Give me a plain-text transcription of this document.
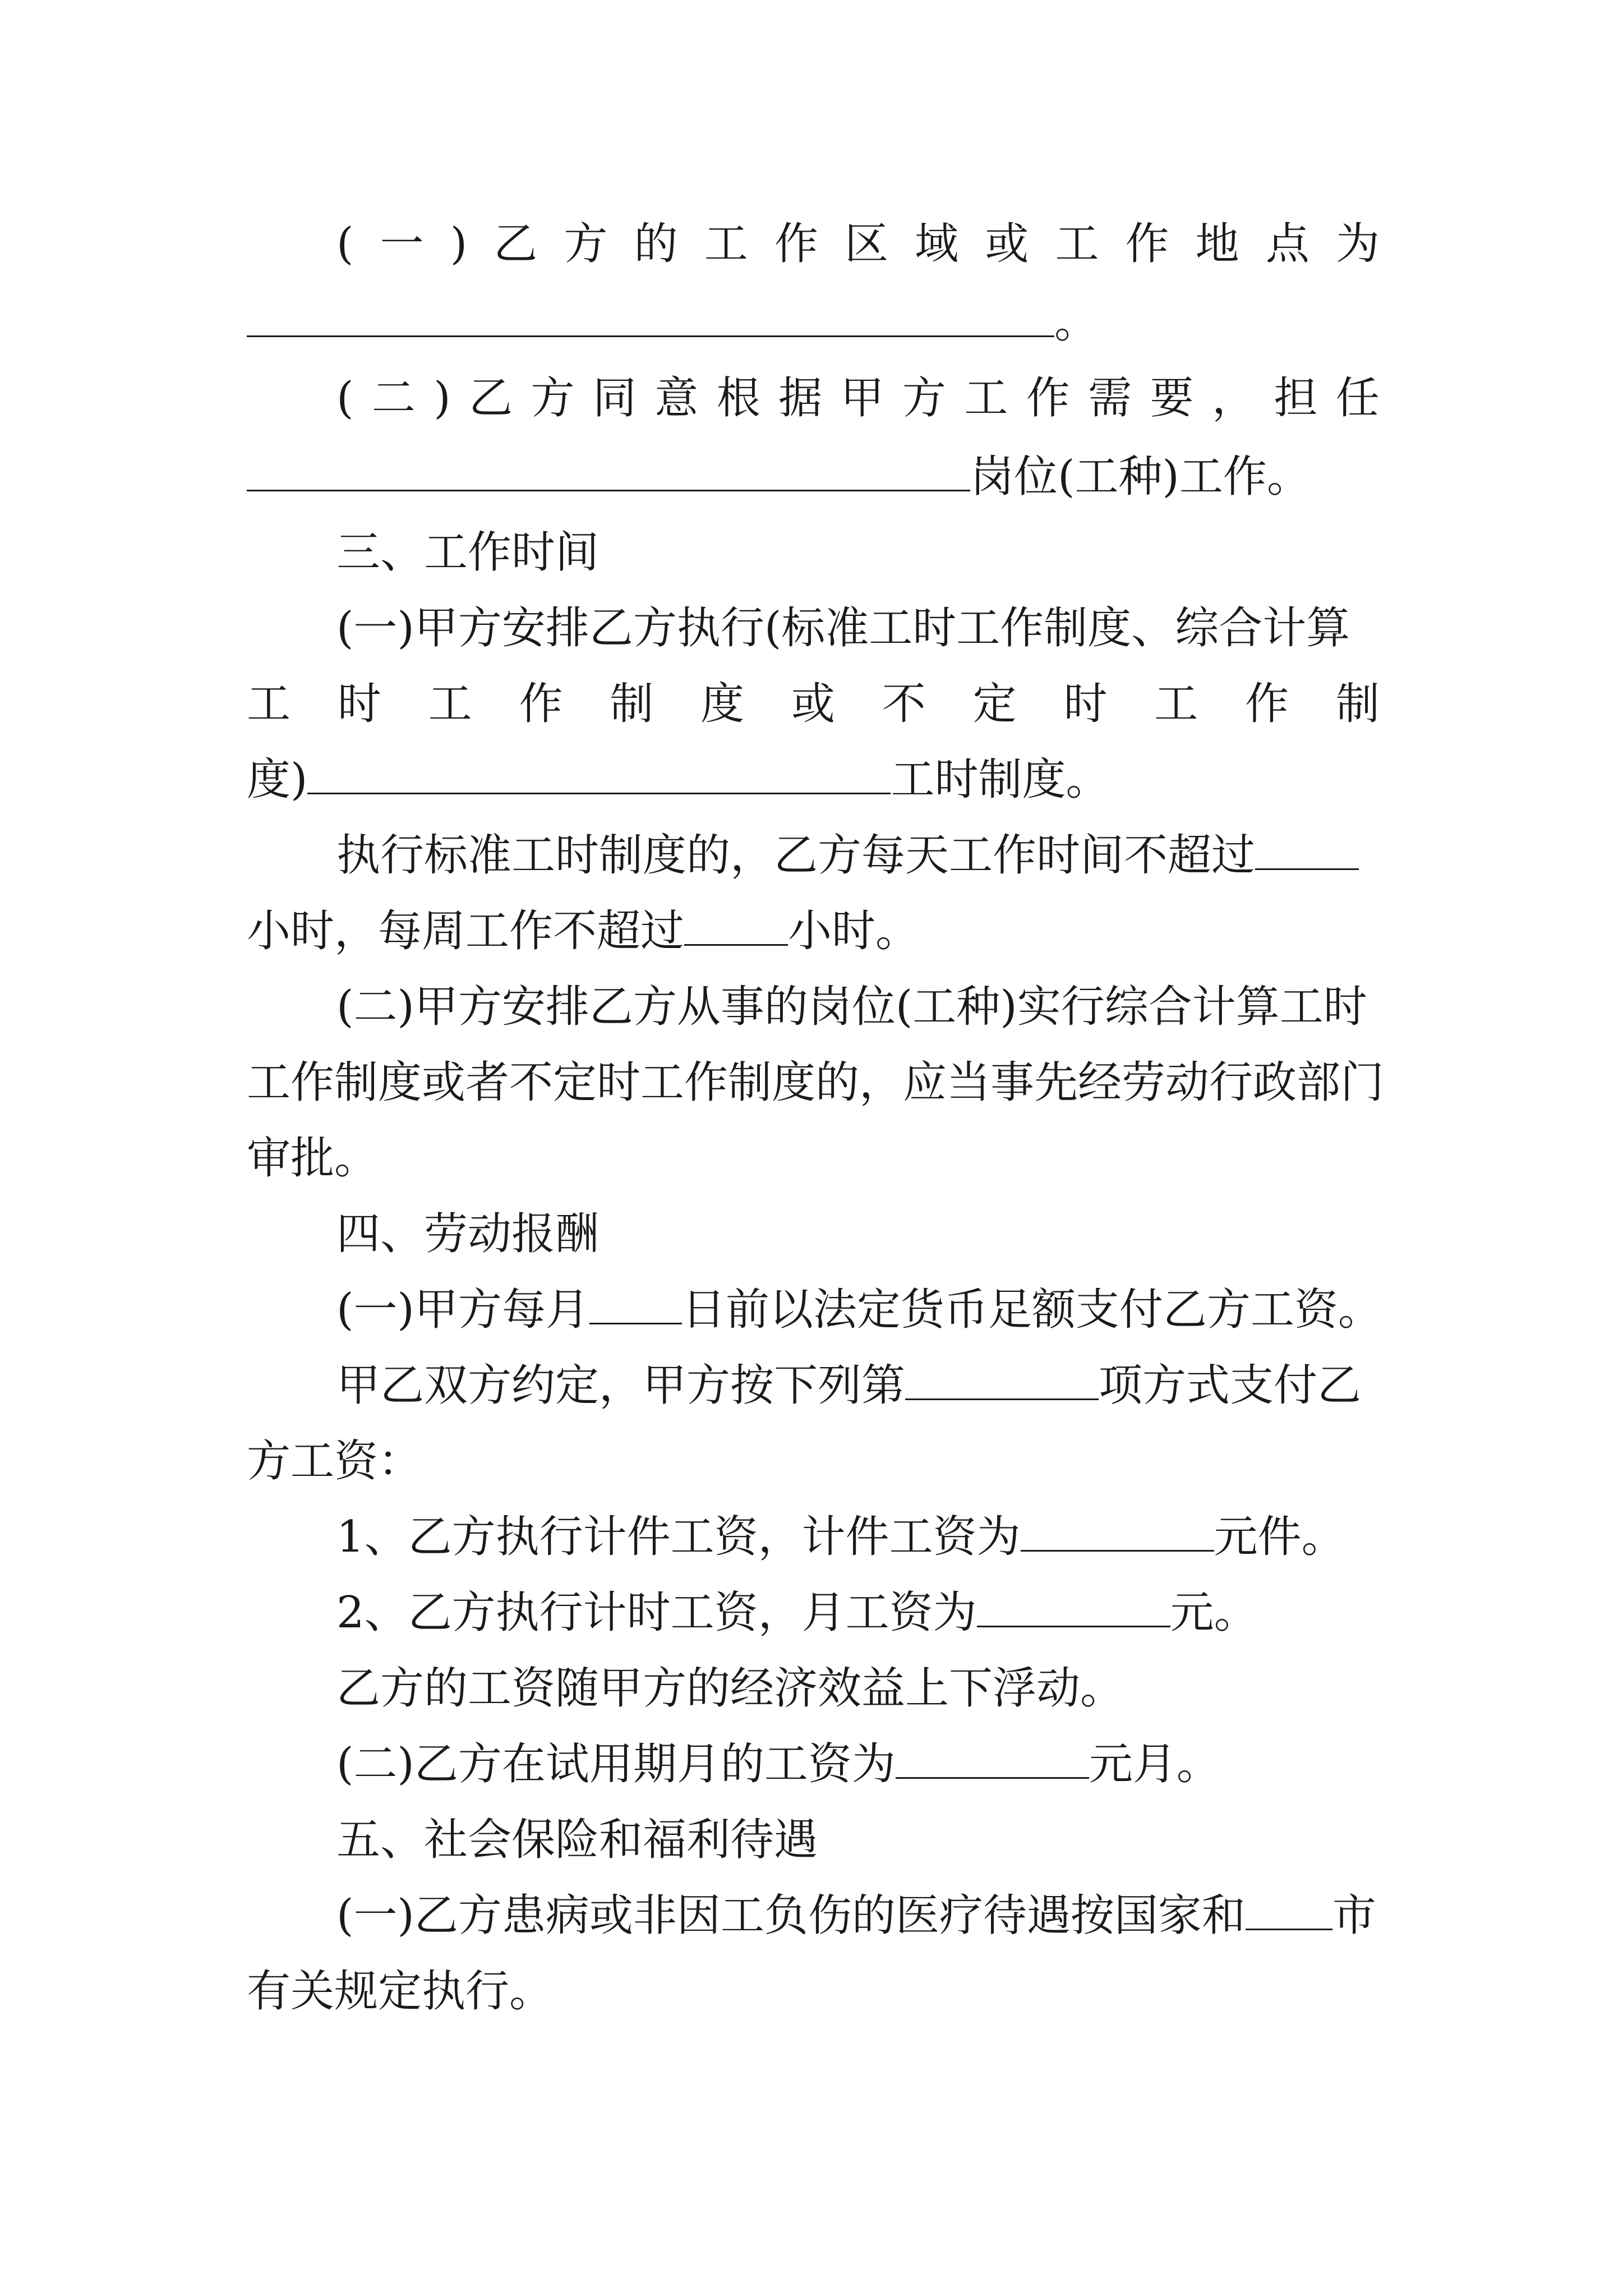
( 一 ) 乙 方 的 工 作 区 域 或 工 作 地 点 为
。
( 二 ) 乙 方 同 意 根 据 甲 方 工 作 需 要 ， 担 任
岗位(工种)工作。
三、工作时间
(一)甲方安排乙方执行(标准工时工作制度、综合计算
工 时 工 作 制 度 或 不 定 时 工 作 制
度)	工时制度。
执行标准工时制度的，乙方每天工作时间不超过
小时，每周工作不超过 小时。
(二)甲方安排乙方从事的岗位(工种)实行综合计算工时
工作制度或者不定时工作制度的，应当事先经劳动行政部门
审批。
四、劳动报酬
(一)甲方每月 日前以法定货币足额支付乙方工资。
甲乙双方约定，甲方按下列第	项方式支付乙
方工资：
1、乙方执行计件工资，计件工资为	元件。
2、乙方执行计时工资，月工资为	元。
乙方的工资随甲方的经济效益上下浮动。
(二)乙方在试用期月的工资为	元月。
五、社会保险和福利待遇
(一)乙方患病或非因工负伤的医疗待遇按国家和 市
有关规定执行。
